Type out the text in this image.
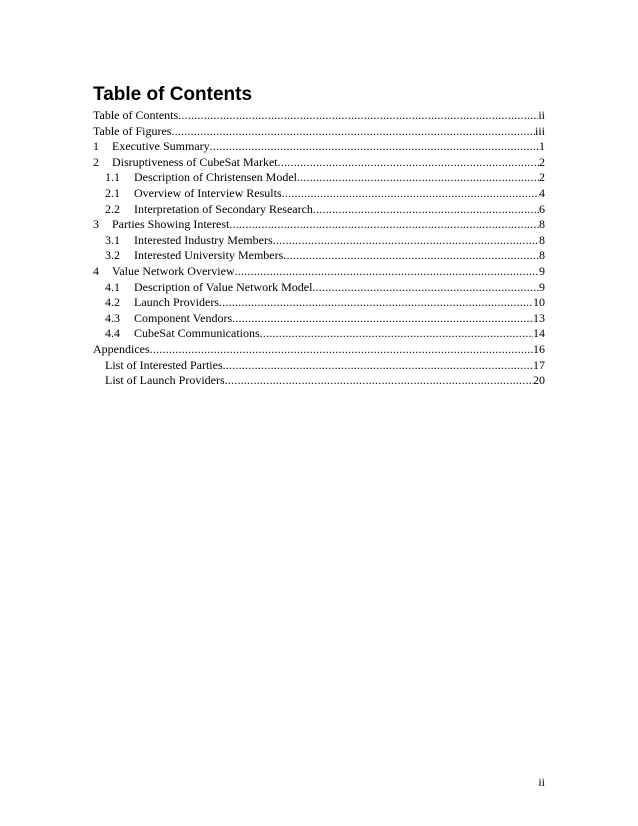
Table of Contents
Table of Contents .....	ii
Table of Figures .....	iii
1	Executive Summary .....	1
2	Disruptiveness of CubeSat Market .....	2
1.1	Description of Christensen Model .....	2
2.1	Overview of Interview Results .....	4
2.2	Interpretation of Secondary Research .....	6
3	Parties Showing Interest .....	8
3.1	Interested Industry Members .....	8
3.2	Interested University Members .....	8
4	Value Network Overview .....	9
4.1	Description of Value Network Model .....	9
4.2	Launch Providers .....	10
4.3	Component Vendors .....	13
4.4	CubeSat Communications .....	14
Appendices .....	16
List of Interested Parties .....	17
List of Launch Providers .....	20
ii
